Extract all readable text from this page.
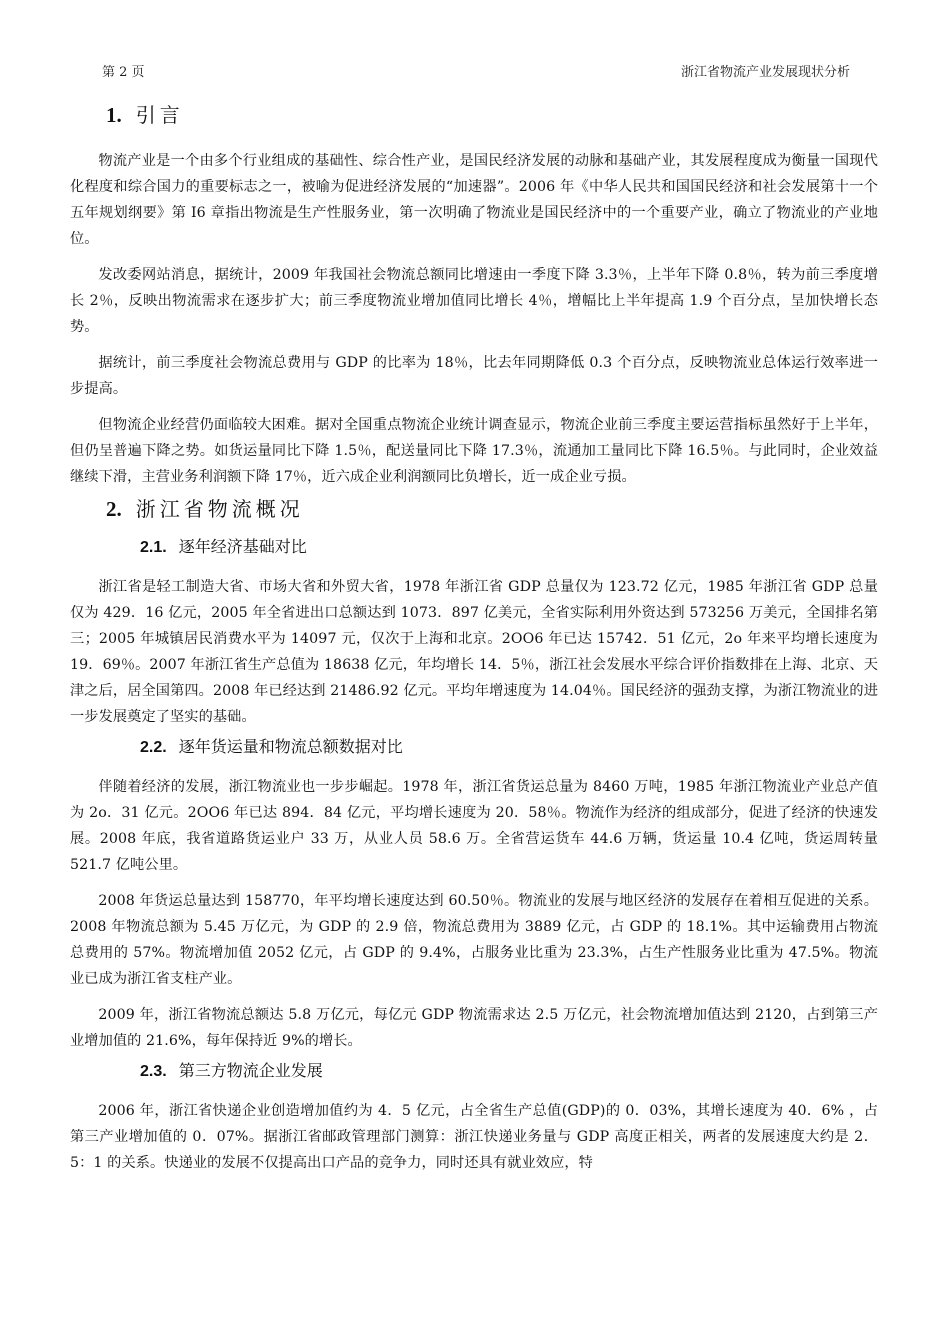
第 2 页	浙江省物流产业发展现状分析
1. 引言

物流产业是一个由多个行业组成的基础性、综合性产业，是国民经济发展的动脉和基础产业，其发展程度成为衡量一国现代化程度和综合国力的重要标志之一，被喻为促进经济发展的“加速器”。2006 年《中华人民共和国国民经济和社会发展第十一个五年规划纲要》第 I6 章指出物流是生产性服务业，第一次明确了物流业是国民经济中的一个重要产业，确立了物流业的产业地位。

发改委网站消息，据统计，2009 年我国社会物流总额同比增速由一季度下降 3.3％，上半年下降 0.8％，转为前三季度增长 2％，反映出物流需求在逐步扩大；前三季度物流业增加值同比增长 4％，增幅比上半年提高 1.9 个百分点，呈加快增长态势。

据统计，前三季度社会物流总费用与 GDP 的比率为 18％，比去年同期降低 0.3 个百分点，反映物流业总体运行效率进一步提高。

但物流企业经营仍面临较大困难。据对全国重点物流企业统计调查显示，物流企业前三季度主要运营指标虽然好于上半年，但仍呈普遍下降之势。如货运量同比下降 1.5％，配送量同比下降 17.3％，流通加工量同比下降 16.5％。与此同时，企业效益继续下滑，主营业务利润额下降 17％，近六成企业利润额同比负增长，近一成企业亏损。

2. 浙江省物流概况
2.1. 逐年经济基础对比

浙江省是轻工制造大省、市场大省和外贸大省，1978 年浙江省 GDP 总量仅为 123.72 亿元，1985 年浙江省 GDP 总量仅为 429．16 亿元，2005 年全省进出口总额达到 1073．897 亿美元，全省实际利用外资达到 573256 万美元，全国排名第三；2005 年城镇居民消费水平为 14097 元，仅次于上海和北京。2OO6 年已达 15742．51 亿元，2o 年来平均增长速度为 19．69％。2007 年浙江省生产总值为 18638 亿元，年均增长 14．5％，浙江社会发展水平综合评价指数排在上海、北京、天津之后，居全国第四。2008 年已经达到 21486.92 亿元。平均年增速度为 14.04％。国民经济的强劲支撑，为浙江物流业的进一步发展奠定了坚实的基础。

2.2. 逐年货运量和物流总额数据对比

伴随着经济的发展，浙江物流业也一步步崛起。1978 年，浙江省货运总量为 8460 万吨，1985 年浙江物流业产业总产值为 2o．31 亿元。2OO6 年已达 894．84 亿元，平均增长速度为 20．58％。物流作为经济的组成部分，促进了经济的快速发展。2008 年底，我省道路货运业户 33 万，从业人员 58.6 万。全省营运货车 44.6 万辆，货运量 10.4 亿吨，货运周转量 521.7 亿吨公里。

2008 年货运总量达到 158770，年平均增长速度达到 60.50％。物流业的发展与地区经济的发展存在着相互促进的关系。2008 年物流总额为 5.45 万亿元，为 GDP 的 2.9 倍，物流总费用为 3889 亿元，占 GDP 的 18.1%。其中运输费用占物流总费用的 57%。物流增加值 2052 亿元，占 GDP 的 9.4%，占服务业比重为 23.3%，占生产性服务业比重为 47.5%。物流业已成为浙江省支柱产业。

2009 年，浙江省物流总额达 5.8 万亿元，每亿元 GDP 物流需求达 2.5 万亿元，社会物流增加值达到 2120，占到第三产业增加值的 21.6%，每年保持近 9%的增长。

2.3. 第三方物流企业发展

2006 年，浙江省快递企业创造增加值约为 4．5 亿元，占全省生产总值(GDP)的 0．03%，其增长速度为 40．6% ，占第三产业增加值的 0．07%。据浙江省邮政管理部门测算：浙江快递业务量与 GDP 高度正相关，两者的发展速度大约是 2．5：1 的关系。快递业的发展不仅提高出口产品的竞争力，同时还具有就业效应，特
